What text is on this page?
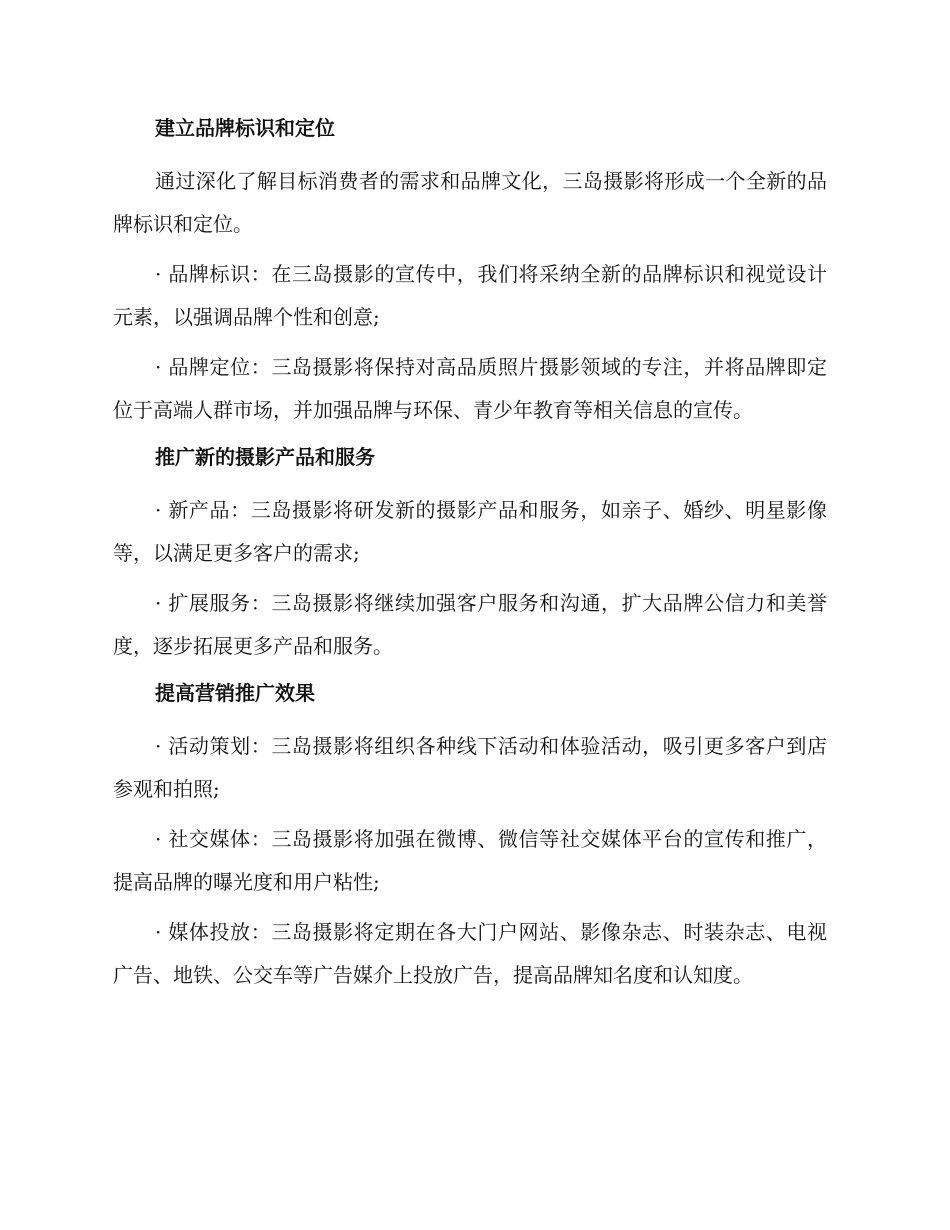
建立品牌标识和定位

通过深化了解目标消费者的需求和品牌文化，三岛摄影将形成一个全新的品牌标识和定位。

· 品牌标识：在三岛摄影的宣传中，我们将采纳全新的品牌标识和视觉设计元素，以强调品牌个性和创意;

· 品牌定位：三岛摄影将保持对高品质照片摄影领域的专注，并将品牌即定位于高端人群市场，并加强品牌与环保、青少年教育等相关信息的宣传。

推广新的摄影产品和服务

· 新产品：三岛摄影将研发新的摄影产品和服务，如亲子、婚纱、明星影像等，以满足更多客户的需求;

· 扩展服务：三岛摄影将继续加强客户服务和沟通，扩大品牌公信力和美誉度，逐步拓展更多产品和服务。

提高营销推广效果

· 活动策划：三岛摄影将组织各种线下活动和体验活动，吸引更多客户到店参观和拍照;

· 社交媒体：三岛摄影将加强在微博、微信等社交媒体平台的宣传和推广，提高品牌的曝光度和用户粘性;

· 媒体投放：三岛摄影将定期在各大门户网站、影像杂志、时装杂志、电视广告、地铁、公交车等广告媒介上投放广告，提高品牌知名度和认知度。
